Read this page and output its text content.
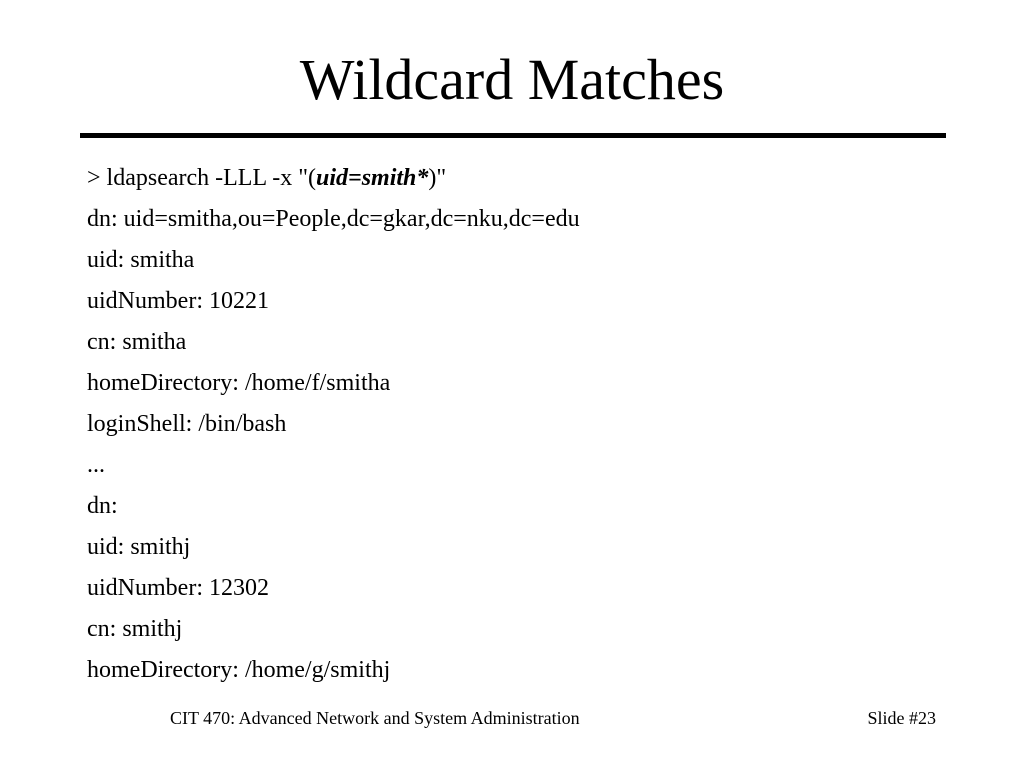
Wildcard Matches
> ldapsearch -LLL -x "(uid=smith*)"
dn: uid=smitha,ou=People,dc=gkar,dc=nku,dc=edu
uid: smitha
uidNumber: 10221
cn: smitha
homeDirectory: /home/f/smitha
loginShell: /bin/bash
...
dn:
uid: smithj
uidNumber: 12302
cn: smithj
homeDirectory: /home/g/smithj
CIT 470: Advanced Network and System Administration	Slide #23
